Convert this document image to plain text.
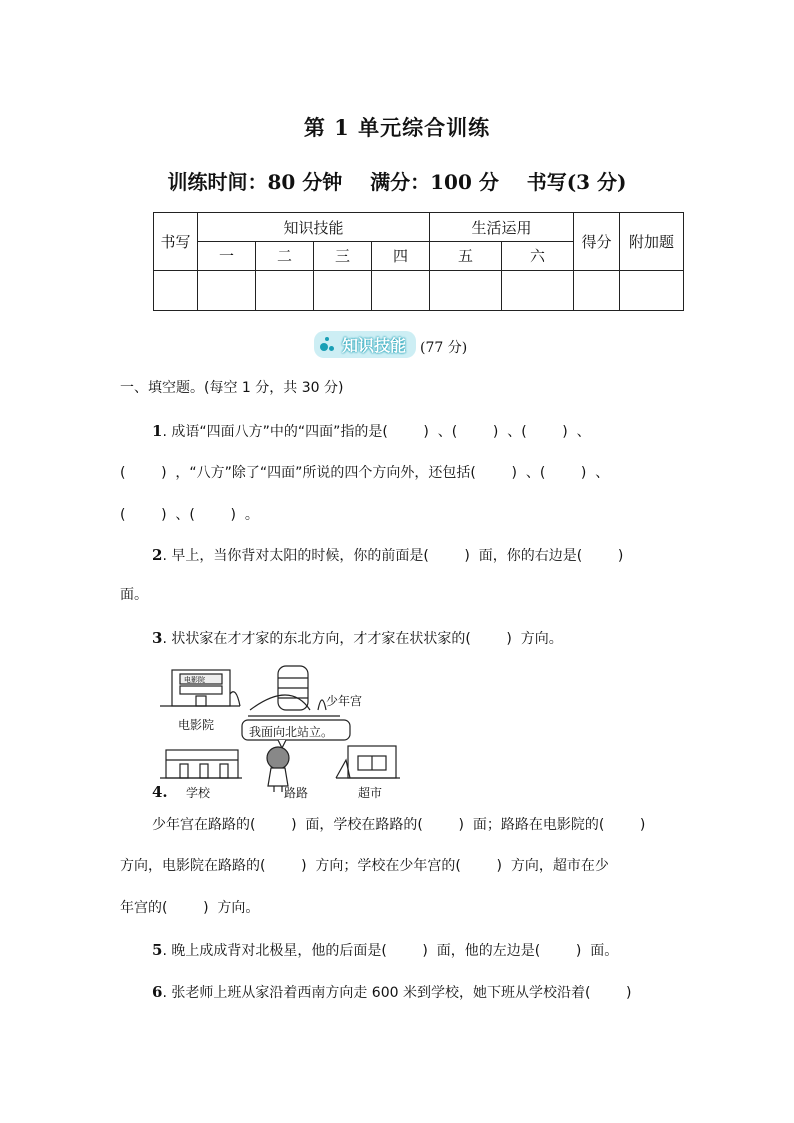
第 1 单元综合训练
训练时间：80 分钟    满分：100 分    书写(3 分)
书写	知识技能				生活运用		得分	附加题
	一	二	三	四	五	六		

知识技能 (77 分)
一、填空题。(每空 1 分，共 30 分)
1. 成语“四面八方”中的“四面”指的是(        )  、(        )  、(        )  、
(        )  ，“八方”除了“四面”所说的四个方向外，还包括(        )  、(        )  、
(        )  、(        )  。
2. 早上，当你背对太阳的时候，你的前面是(        )  面，你的右边是(        )
面。
3. 状状家在才才家的东北方向，才才家在状状家的(        )  方向。
电影院
电影院
少年宫
我面向北站立。
学校	路路	超市
4.
少年宫在路路的(        )  面，学校在路路的(        )  面；路路在电影院的(        )
方向，电影院在路路的(        )  方向；学校在少年宫的(        )  方向，超市在少
年宫的(        )  方向。
5. 晚上成成背对北极星，他的后面是(        )  面，他的左边是(        )  面。
6. 张老师上班从家沿着西南方向走 600 米到学校，她下班从学校沿着(        )
